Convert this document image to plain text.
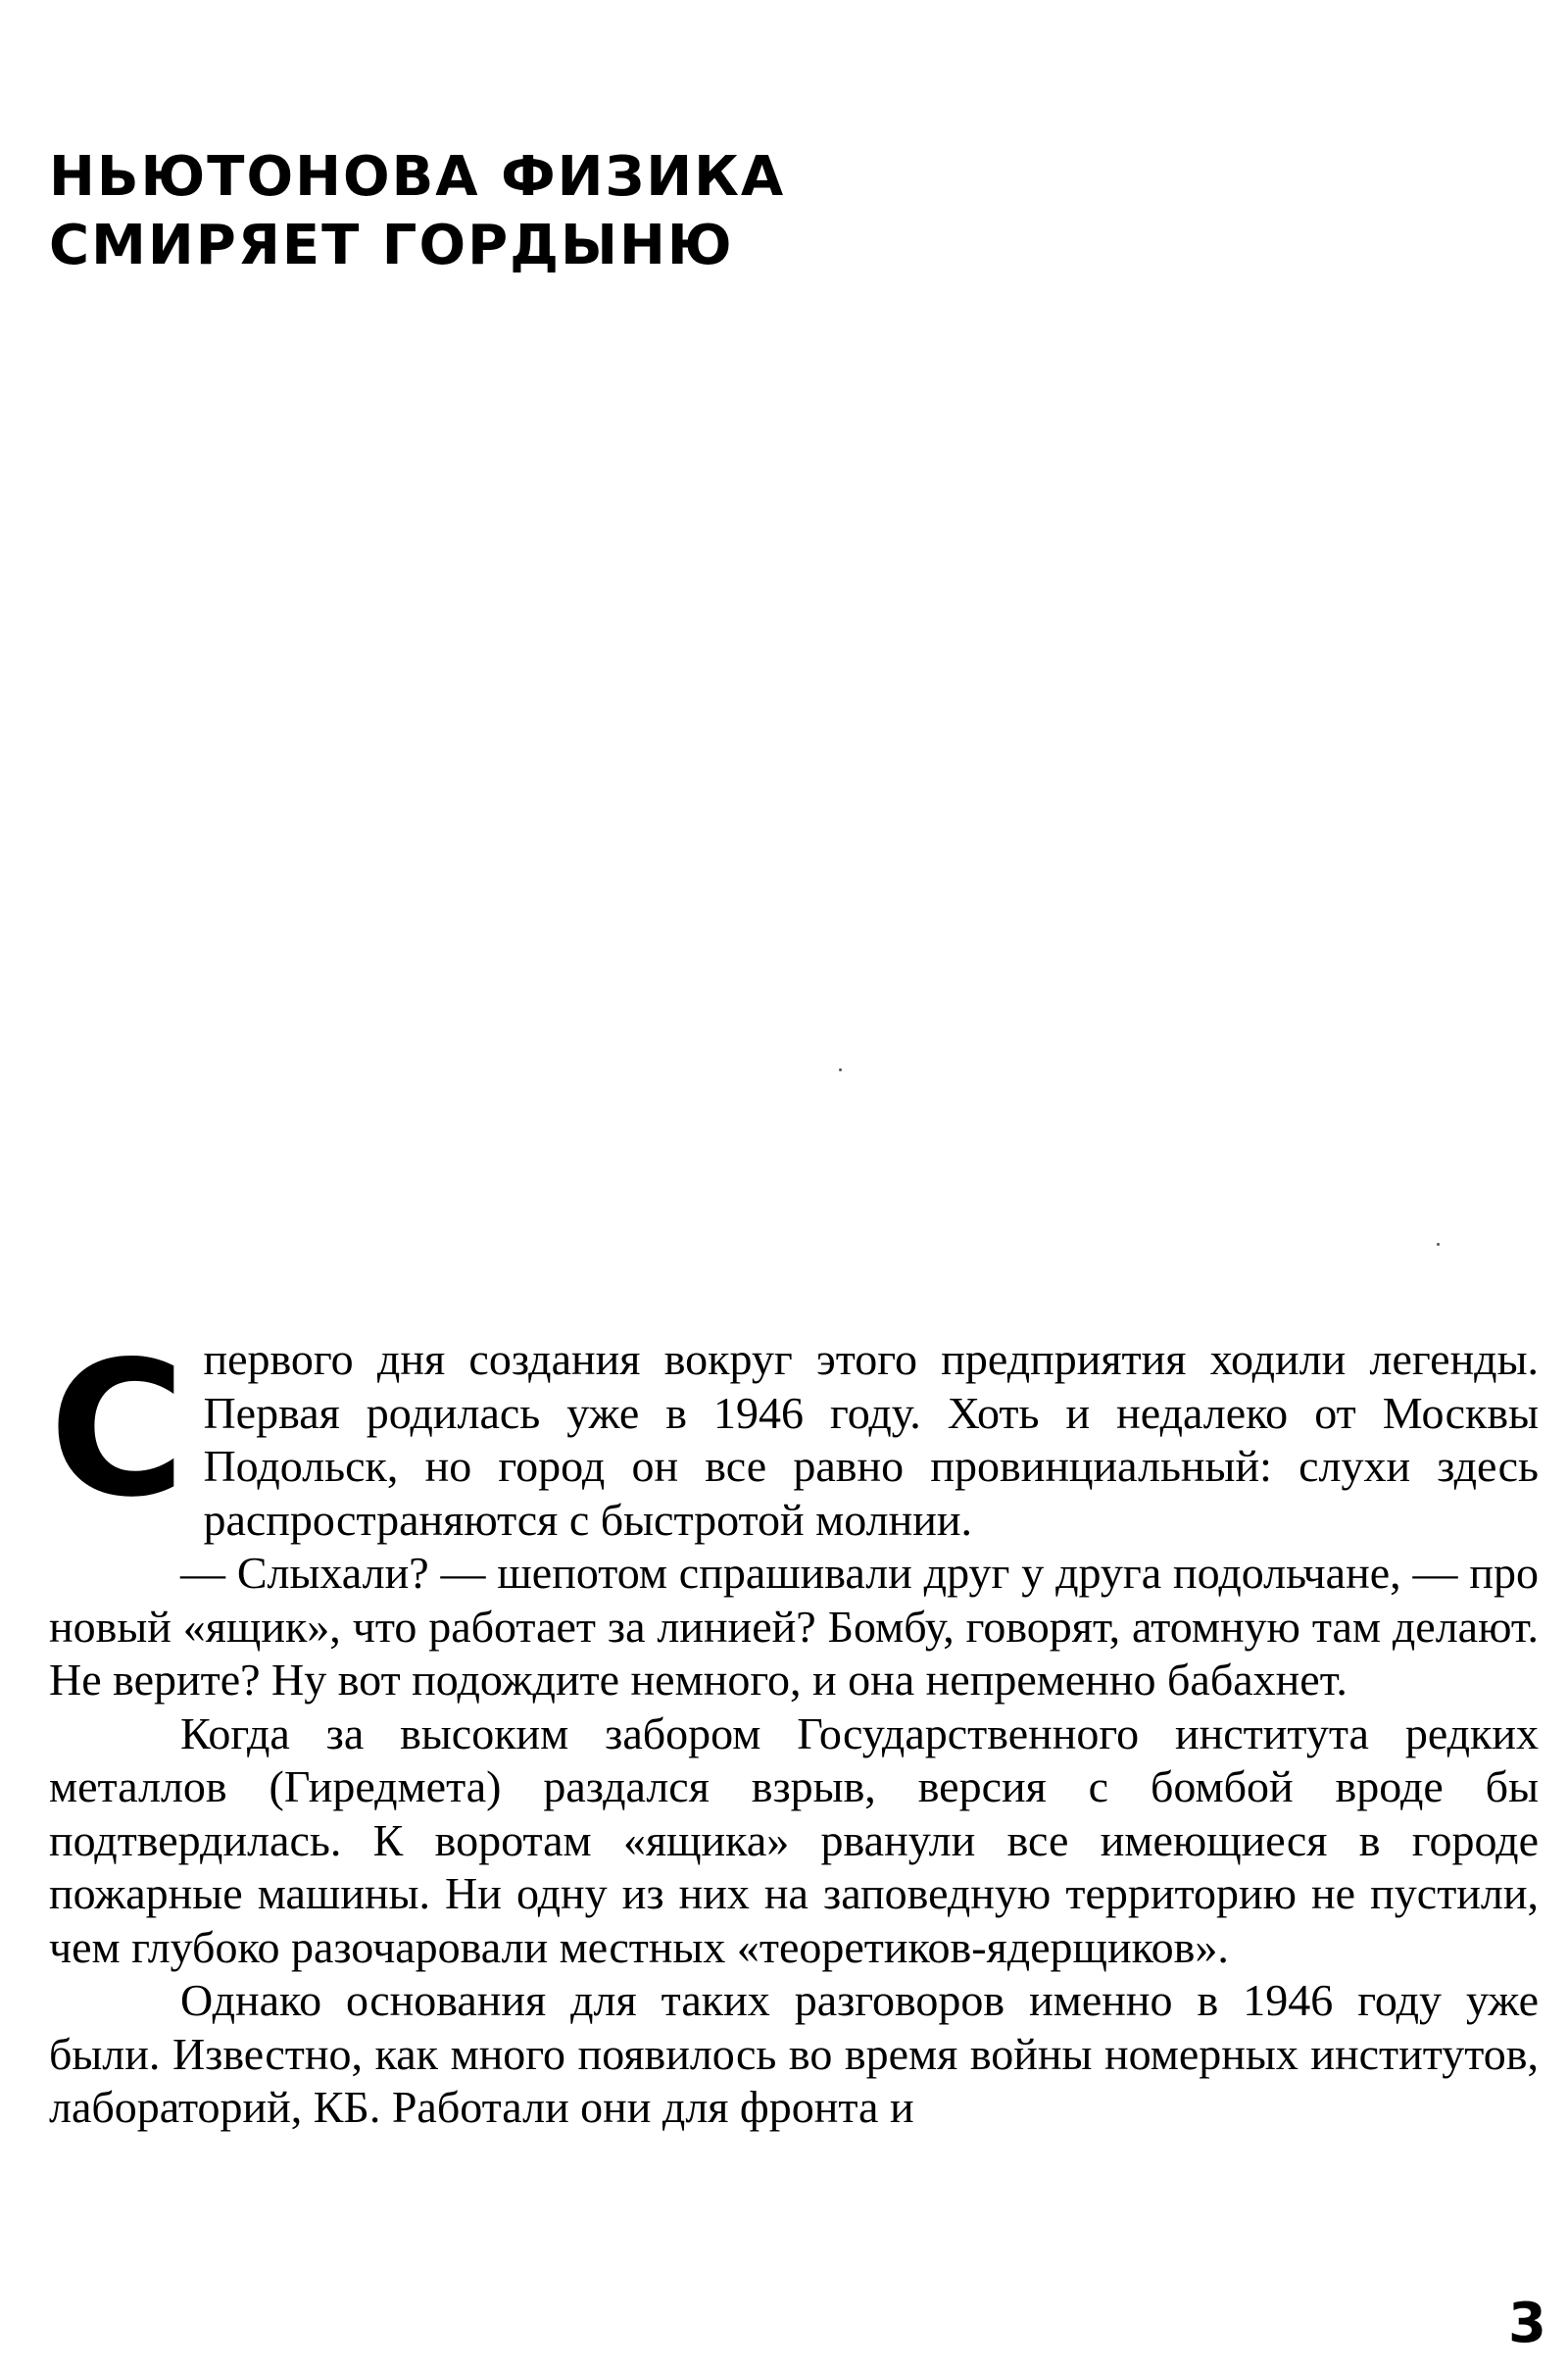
НЬЮТОНОВА ФИЗИКА
СМИРЯЕТ ГОРДЫНЮ

Спервого дня создания вокруг этого предприятия ходили легенды. Первая родилась уже в 1946 году. Хоть и недалеко от Москвы Подольск, но город он все равно провинциальный: слухи здесь распространяются с быстротой молнии.

— Слыхали? — шепотом спрашивали друг у друга подольчане, — про новый «ящик», что работает за линией? Бомбу, говорят, атомную там делают. Не верите? Ну вот подождите немного, и она непременно бабахнет.

Когда за высоким забором Государственного института редких металлов (Гиредмета) раздался взрыв, версия с бомбой вроде бы подтвердилась. К воротам «ящика» рванули все имеющиеся в городе пожарные машины. Ни одну из них на заповедную территорию не пустили, чем глубоко разочаровали местных «теоретиков-ядерщиков».

Однако основания для таких разговоров именно в 1946 году уже были. Известно, как много появилось во время войны номерных институтов, лабораторий, КБ. Работали они для фронта и

3
